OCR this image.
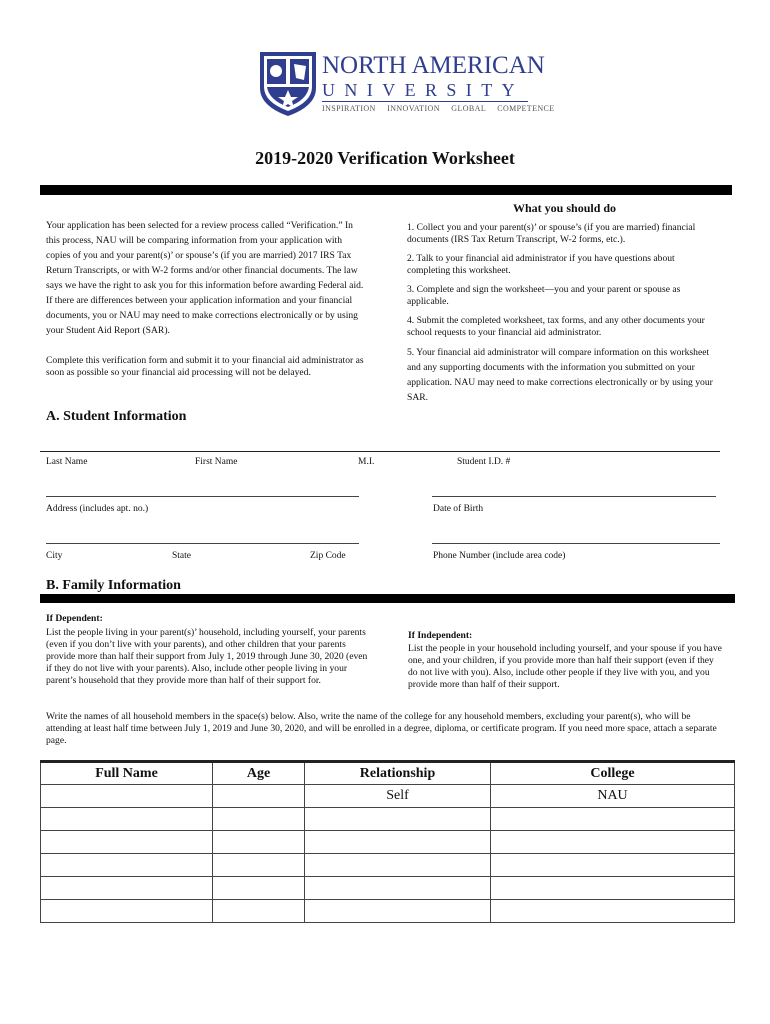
NORTH AMERICAN
UNIVERSITY
INSPIRATION INNOVATION GLOBAL COMPETENCE
2019-2020 Verification Worksheet
What you should do
Your application has been selected for a review process called “Verification.” In this process, NAU will be comparing information from your application with copies of you and your parent(s)’ or spouse’s (if you are married) 2017 IRS Tax Return Transcripts, or with W-2 forms and/or other financial documents. The law says we have the right to ask you for this information before awarding Federal aid. If there are differences between your application information and your financial documents, you or NAU may need to make corrections electronically or by using your Student Aid Report (SAR).
Complete this verification form and submit it to your financial aid administrator as soon as possible so your financial aid processing will not be delayed.
1. Collect you and your parent(s)’ or spouse’s (if you are married) financial documents (IRS Tax Return Transcript, W-2 forms, etc.).
2. Talk to your financial aid administrator if you have questions about completing this worksheet.
3. Complete and sign the worksheet—you and your parent or spouse as applicable.
4. Submit the completed worksheet, tax forms, and any other documents your school requests to your financial aid administrator.
5. Your financial aid administrator will compare information on this worksheet and any supporting documents with the information you submitted on your application. NAU may need to make corrections electronically or by using your SAR.
A. Student Information
Last Name	First Name	M.I.	Student I.D. #
Address (includes apt. no.)	Date of Birth
City	State	Zip Code	Phone Number (include area code)
B. Family Information
If Dependent:
List the people living in your parent(s)’ household, including yourself, your parents (even if you don’t live with your parents), and other children that your parents provide more than half their support from July 1, 2019 through June 30, 2020 (even if they do not live with your parents). Also, include other people living in your parent’s household that they provide more than half of their support for.
If Independent:
List the people in your household including yourself, and your spouse if you have one, and your children, if you provide more than half their support (even if they do not live with you). Also, include other people if they live with you, and you provide more than half of their support.
Write the names of all household members in the space(s) below. Also, write the name of the college for any household members, excluding your parent(s), who will be attending at least half time between July 1, 2019 and June 30, 2020, and will be enrolled in a degree, diploma, or certificate program. If you need more space, attach a separate page.
Full Name	Age	Relationship	College
		Self	NAU
